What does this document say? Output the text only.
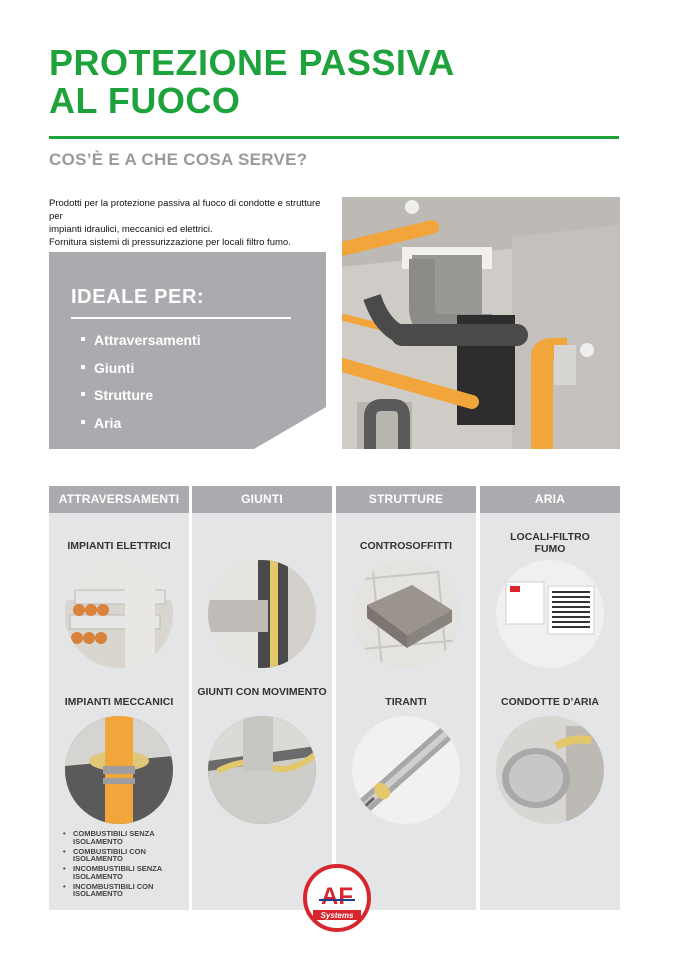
PROTEZIONE PASSIVA
AL FUOCO
COS’È E A CHE COSA SERVE?
Prodotti per la protezione passiva al fuoco di condotte e strutture per
impianti idraulici, meccanici ed elettrici.
Fornitura sistemi di pressurizzazione per locali filtro fumo.
IDEALE PER:
Attraversamenti
Giunti
Strutture
Aria
ATTRAVERSAMENTI
IMPIANTI ELETTRICI
IMPIANTI MECCANICI
• COMBUSTIBILI SENZA ISOLAMENTO
• COMBUSTIBILI CON ISOLAMENTO
• INCOMBUSTIBILI SENZA ISOLAMENTO
• INCOMBUSTIBILI CON ISOLAMENTO
GIUNTI
GIUNTI CON MOVIMENTO
STRUTTURE
CONTROSOFFITTI
TIRANTI
ARIA
LOCALI-FILTRO FUMO
CONDOTTE D’ARIA
AF
Systems
